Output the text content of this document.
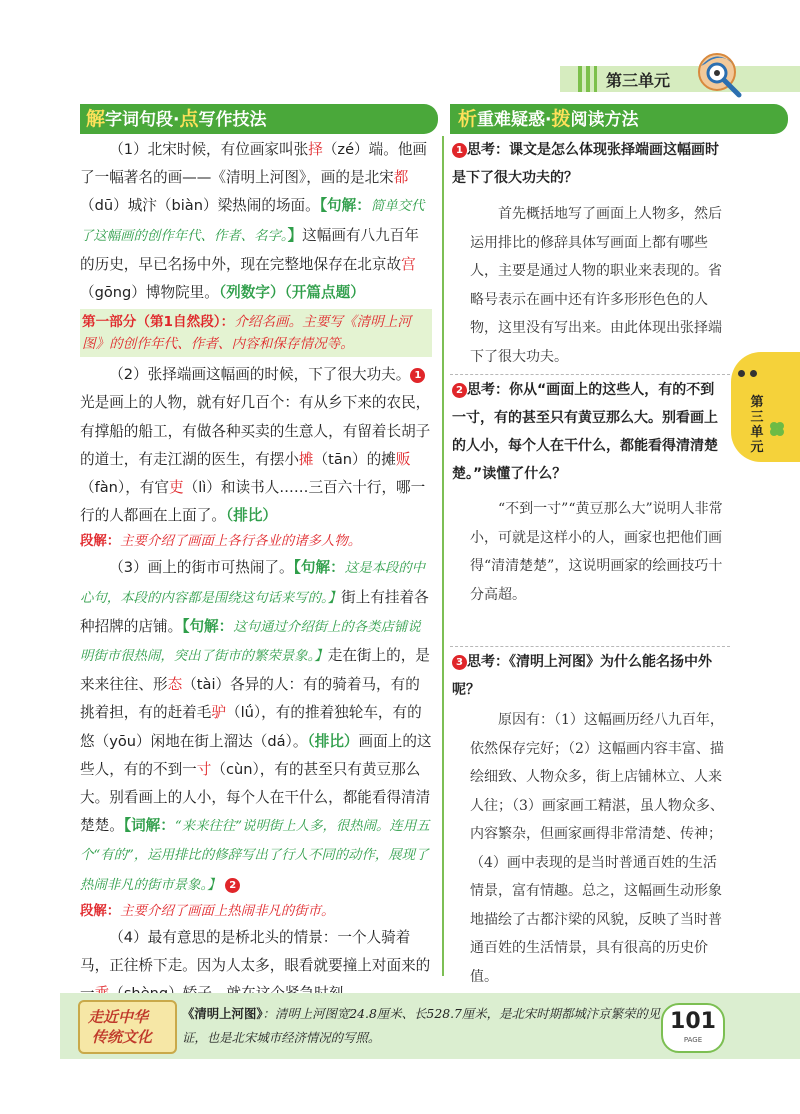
第三单元
解字词句段·点写作技法	析重难疑惑·拨阅读方法

（1）北宋时候，有位画家叫张择（zé）端。他画了一幅著名的画——《清明上河图》，画的是北宋都（dū）城汴（biàn）梁热闹的场面。【句解：简单交代了这幅画的创作年代、作者、名字。】这幅画有八九百年的历史，早已名扬中外，现在完整地保存在北京故宫（gōng）博物院里。（列数字）（开篇点题）

第一部分（第1自然段）：介绍名画。主要写《清明上河图》的创作年代、作者、内容和保存情况等。

（2）张择端画这幅画的时候，下了很大功夫。 1光是画上的人物，就有好几百个：有从乡下来的农民，有撑船的船工，有做各种买卖的生意人，有留着长胡子的道士，有走江湖的医生，有摆小摊（tān）的摊贩（fàn），有官吏（lì）和读书人……三百六十行，哪一行的人都画在上面了。（排比）

段解：主要介绍了画面上各行各业的诸多人物。

（3）画上的街市可热闹了。【句解：这是本段的中心句，本段的内容都是围绕这句话来写的。】街上有挂着各种招牌的店铺。【句解：这句通过介绍街上的各类店铺说明街市很热闹，突出了街市的繁荣景象。】走在街上的，是来来往往、形态（tài）各异的人：有的骑着马，有的挑着担，有的赶着毛驴（lǘ），有的推着独轮车，有的悠（yōu）闲地在街上溜达（dá）。（排比）画面上的这些人，有的不到一寸（cùn），有的甚至只有黄豆那么大。别看画上的人小，每个人在干什么，都能看得清清楚楚。【词解：“来来往往”说明街上人多，很热闹。连用五个“有的”，运用排比的修辞写出了行人不同的动作，展现了热闹非凡的街市景象。】 2

段解：主要介绍了画面上热闹非凡的街市。

（4）最有意思的是桥北头的情景：一个人骑着马，正往桥下走。因为人太多，眼看就要撞上对面来的

1 思考：课文是怎么体现张择端画这幅画时是下了很大功夫的？

首先概括地写了画面上人物多，然后运用排比的修辞具体写画面上都有哪些人，主要是通过人物的职业来表现的。省略号表示在画中还有许多形形色色的人物，这里没有写出来。由此体现出张择端下了很大功夫。

2 思考：你从“画面上的这些人，有的不到一寸，有的甚至只有黄豆那么大。别看画上的人小，每个人在干什么，都能看得清清楚楚。”读懂了什么？

“不到一寸”“黄豆那么大”说明人非常小，可就是这样小的人，画家也把他们画得“清清楚楚”，这说明画家的绘画技巧十分高超。

3 思考：《清明上河图》为什么能名扬中外呢？

原因有：（1）这幅画历经八九百年，依然保存完好；（2）这幅画内容丰富、描绘细致、人物众多，街上店铺林立、人来人往；（3）画家画工精湛，虽人物众多、内容繁杂，但画家画得非常清楚、传神；（4）画中表现的是当时普通百姓的生活情景，富有情趣。总之，这幅画生动形象地描绘了古都汴梁的风貌，反映了当时普通百姓的生活情景，具有很高的历史价值。

第三单元
走近中华
传统文化
《清明上河图》：清明上河图宽24.8厘米、长528.7厘米，是北宋时期都城汴京繁荣的见证，也是北宋城市经济情况的写照。
101
PAGE
